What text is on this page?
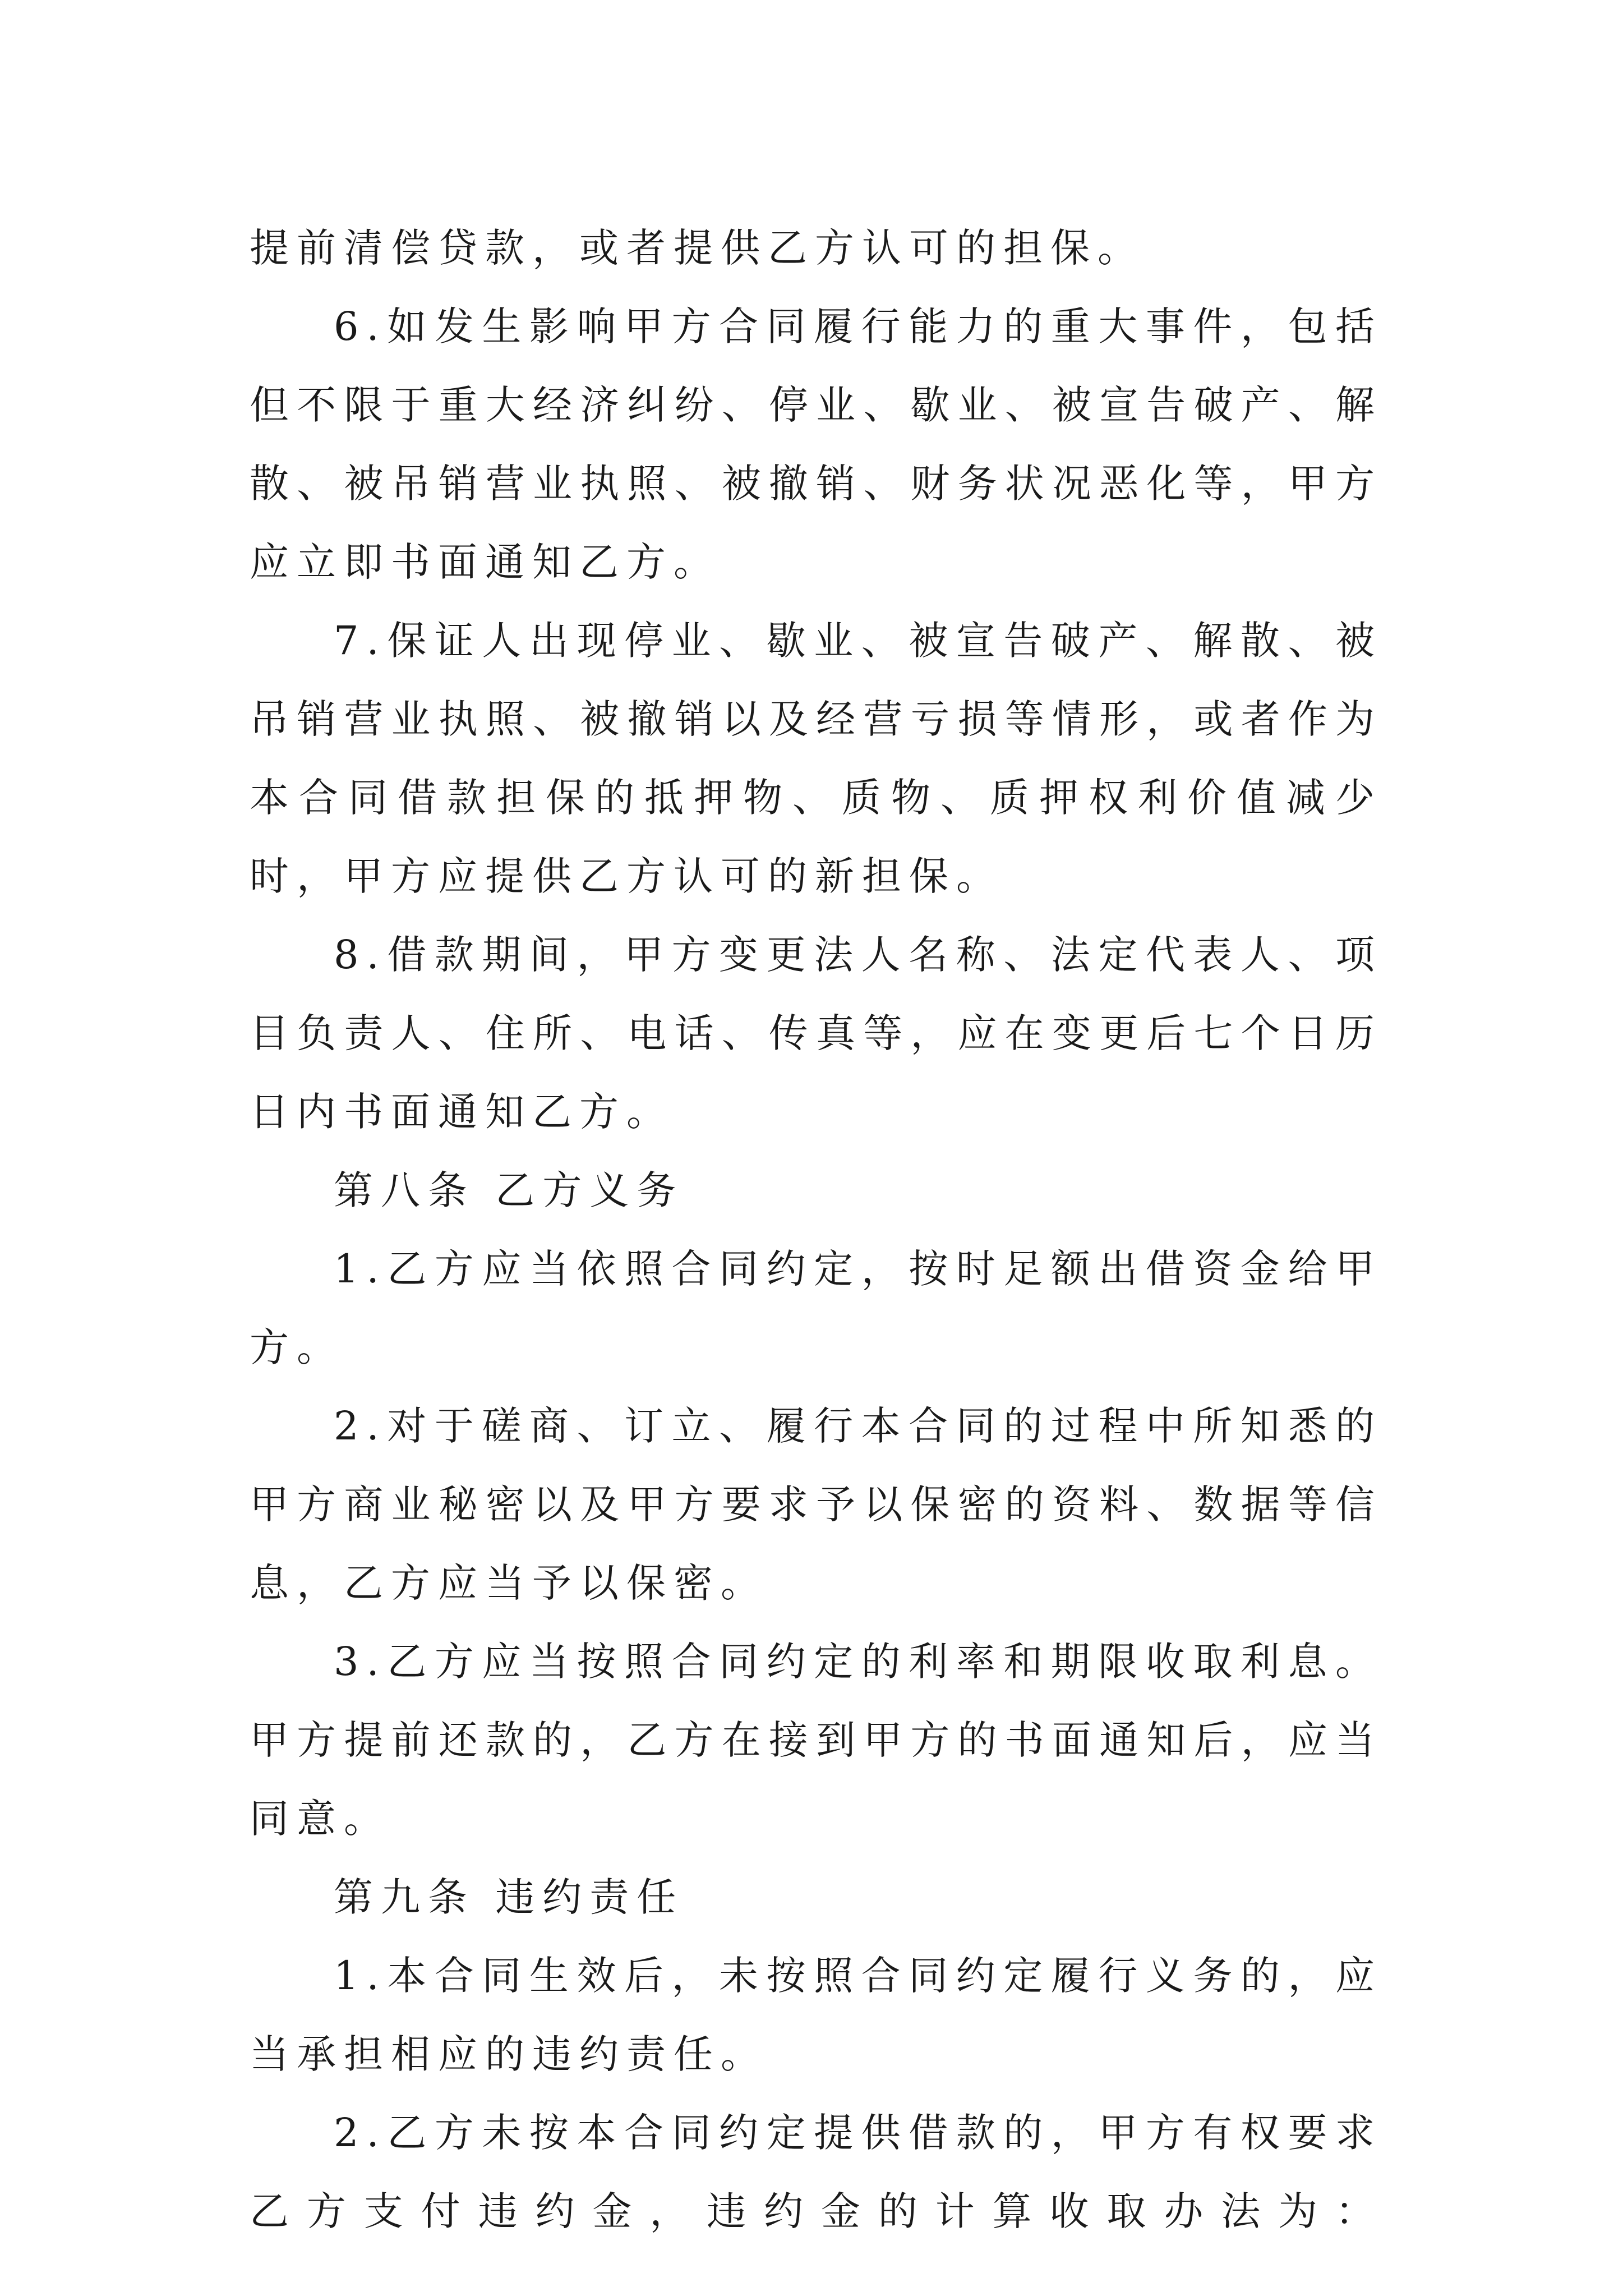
提前清偿贷款，或者提供乙方认可的担保。

6.如发生影响甲方合同履行能力的重大事件，包括但不限于重大经济纠纷、停业、歇业、被宣告破产、解散、被吊销营业执照、被撤销、财务状况恶化等，甲方应立即书面通知乙方。

7.保证人出现停业、歇业、被宣告破产、解散、被吊销营业执照、被撤销以及经营亏损等情形，或者作为本合同借款担保的抵押物、质物、质押权利价值减少时，甲方应提供乙方认可的新担保。

8.借款期间，甲方变更法人名称、法定代表人、项目负责人、住所、电话、传真等，应在变更后七个日历日内书面通知乙方。

第八条 乙方义务

1.乙方应当依照合同约定，按时足额出借资金给甲方。

2.对于磋商、订立、履行本合同的过程中所知悉的甲方商业秘密以及甲方要求予以保密的资料、数据等信息，乙方应当予以保密。

3.乙方应当按照合同约定的利率和期限收取利息。甲方提前还款的，乙方在接到甲方的书面通知后，应当同意。

第九条 违约责任

1.本合同生效后，未按照合同约定履行义务的，应当承担相应的违约责任。

2.乙方未按本合同约定提供借款的，甲方有权要求乙方支付违约金，违约金的计算收取办法为：
